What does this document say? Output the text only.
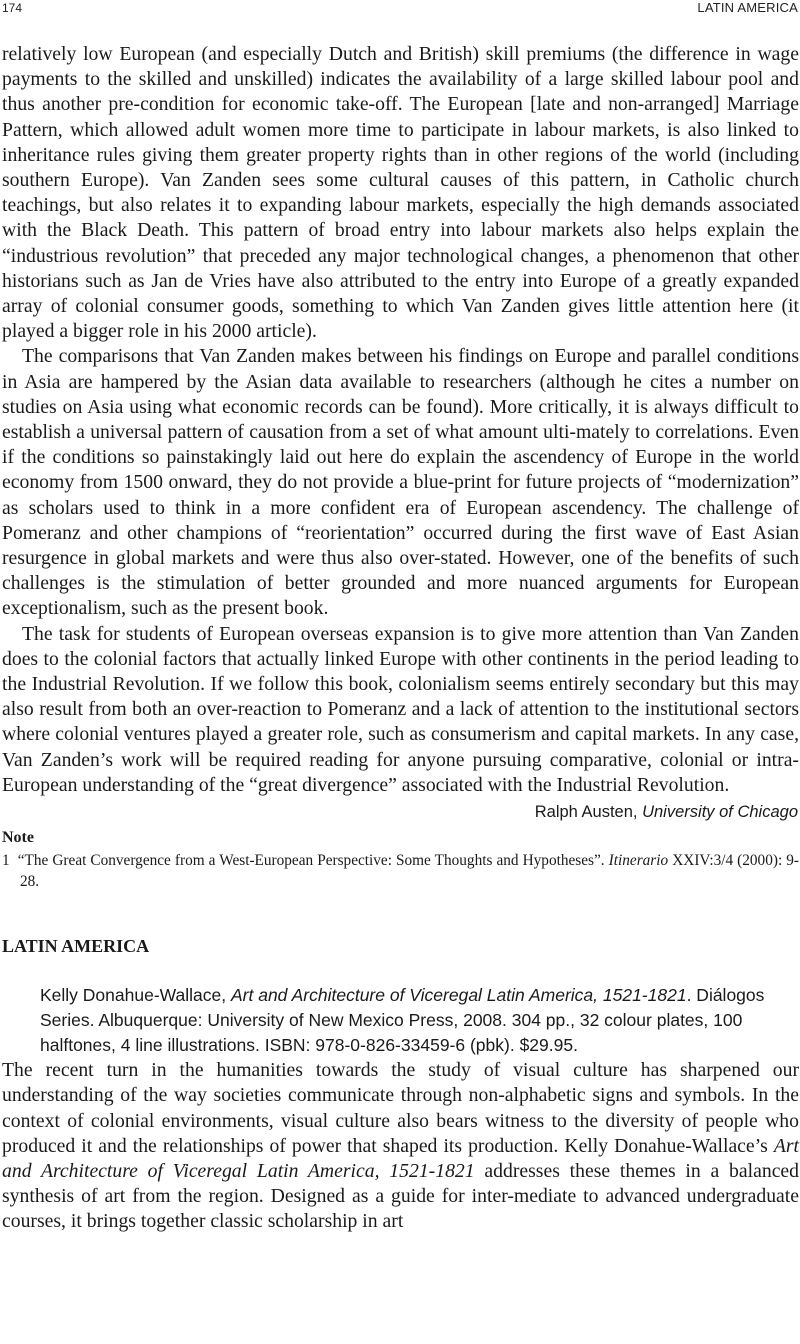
174	LATIN AMERICA

relatively low European (and especially Dutch and British) skill premiums (the difference in wage payments to the skilled and unskilled) indicates the availability of a large skilled labour pool and thus another pre-condition for economic take-off. The European [late and non-arranged] Marriage Pattern, which allowed adult women more time to participate in labour markets, is also linked to inheritance rules giving them greater property rights than in other regions of the world (including southern Europe). Van Zanden sees some cultural causes of this pattern, in Catholic church teachings, but also relates it to expanding labour markets, especially the high demands associated with the Black Death. This pattern of broad entry into labour markets also helps explain the “industrious revolution” that preceded any major technological changes, a phenomenon that other historians such as Jan de Vries have also attributed to the entry into Europe of a greatly expanded array of colonial consumer goods, something to which Van Zanden gives little attention here (it played a bigger role in his 2000 article).

The comparisons that Van Zanden makes between his findings on Europe and parallel conditions in Asia are hampered by the Asian data available to researchers (although he cites a number on studies on Asia using what economic records can be found). More critically, it is always difficult to establish a universal pattern of causation from a set of what amount ulti-mately to correlations. Even if the conditions so painstakingly laid out here do explain the ascendency of Europe in the world economy from 1500 onward, they do not provide a blue-print for future projects of “modernization” as scholars used to think in a more confident era of European ascendency. The challenge of Pomeranz and other champions of “reorientation” occurred during the first wave of East Asian resurgence in global markets and were thus also over-stated. However, one of the benefits of such challenges is the stimulation of better grounded and more nuanced arguments for European exceptionalism, such as the present book.

The task for students of European overseas expansion is to give more attention than Van Zanden does to the colonial factors that actually linked Europe with other continents in the period leading to the Industrial Revolution. If we follow this book, colonialism seems entirely secondary but this may also result from both an over-reaction to Pomeranz and a lack of attention to the institutional sectors where colonial ventures played a greater role, such as consumerism and capital markets. In any case, Van Zanden’s work will be required reading for anyone pursuing comparative, colonial or intra-European understanding of the “great divergence” associated with the Industrial Revolution.

Ralph Austen, University of Chicago
Note

1 “The Great Convergence from a West-European Perspective: Some Thoughts and Hypotheses”. Itinerario XXIV:3/4 (2000): 9-28.

LATIN AMERICA
Kelly Donahue-Wallace, Art and Architecture of Viceregal Latin America, 1521-1821. Diálogos Series. Albuquerque: University of New Mexico Press, 2008. 304 pp., 32 colour plates, 100 halftones, 4 line illustrations. ISBN: 978-0-826-33459-6 (pbk). $29.95.

The recent turn in the humanities towards the study of visual culture has sharpened our understanding of the way societies communicate through non-alphabetic signs and symbols. In the context of colonial environments, visual culture also bears witness to the diversity of people who produced it and the relationships of power that shaped its production. Kelly Donahue-Wallace’s Art and Architecture of Viceregal Latin America, 1521-1821 addresses these themes in a balanced synthesis of art from the region. Designed as a guide for inter-mediate to advanced undergraduate courses, it brings together classic scholarship in art
